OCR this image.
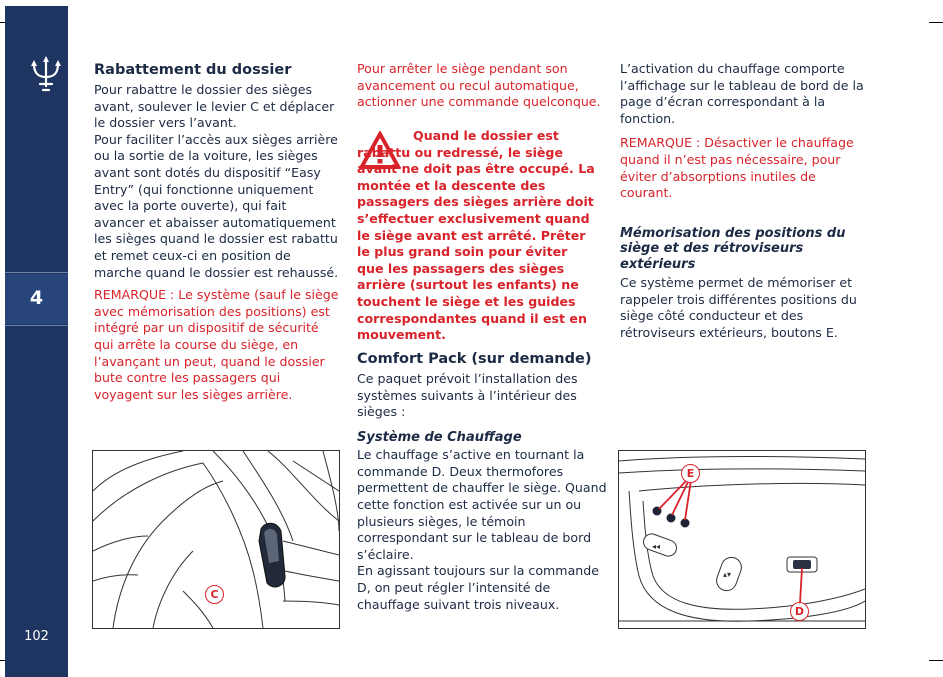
4
102
Rabattement du dossier

Pour rabattre le dossier des sièges avant, soulever le levier C et déplacer le dossier vers l’avant.

Pour faciliter l’accès aux sièges arrière ou la sortie de la voiture, les sièges avant sont dotés du dispositif “Easy Entry” (qui fonctionne uniquement avec la porte ouverte), qui fait avancer et abaisser automatiquement les sièges quand le dossier est rabattu et remet ceux-ci en position de marche quand le dossier est rehaussé.

REMARQUE : Le système (sauf le siège avec mémorisation des positions) est intégré par un dispositif de sécurité qui arrête la course du siège, en l’avançant un peut, quand le dossier bute contre les passagers qui voyagent sur les sièges arrière.

C

Pour arrêter le siège pendant son avancement ou recul automatique, actionner une commande quelconque.

Quand le dossier est rabattu ou redressé, le siège avant ne doit pas être occupé. La montée et la descente des passagers des sièges arrière doit s’effectuer exclusivement quand le siège avant est arrêté. Prêter le plus grand soin pour éviter que les passagers des sièges arrière (surtout les enfants) ne touchent le siège et les guides correspondantes quand il est en mouvement.

Comfort Pack (sur demande)

Ce paquet prévoit l’installation des systèmes suivants à l’intérieur des sièges :

Système de Chauffage

Le chauffage s’active en tournant la commande D. Deux thermofores permettent de chauffer le siège. Quand cette fonction est activée sur un ou plusieurs sièges, le témoin correspondant sur le tableau de bord s’éclaire.

En agissant toujours sur la commande D, on peut régler l’intensité de chauffage suivant trois niveaux.

L’activation du chauffage comporte l’affichage sur le tableau de bord de la page d’écran correspondant à la fonction.

REMARQUE : Désactiver le chauffage quand il n’est pas nécessaire, pour éviter d’absorptions inutiles de courant.

Mémorisation des positions du siège et des rétroviseurs extérieurs

Ce système permet de mémoriser et rappeler trois différentes positions du siège côté conducteur et des rétroviseurs extérieurs, boutons E.

◂◂
▴▾
E
D
